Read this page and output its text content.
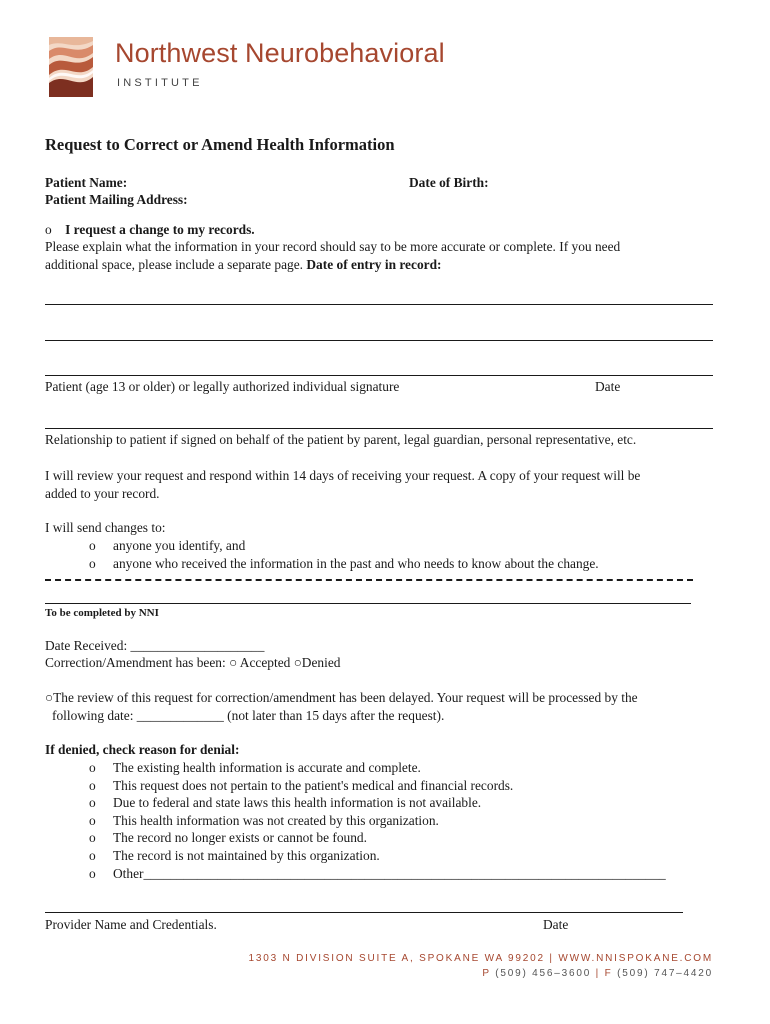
Northwest Neurobehavioral
INSTITUTE
Request to Correct or Amend Health Information
Patient Name:	Date of Birth:
Patient Mailing Address:
o I request a change to my records.
Please explain what the information in your record should say to be more accurate or complete. If you need
additional space, please include a separate page. Date of entry in record:
Patient (age 13 or older) or legally authorized individual signature	Date
Relationship to patient if signed on behalf of the patient by parent, legal guardian, personal representative, etc.
I will review your request and respond within 14 days of receiving your request. A copy of your request will be
added to your record.
I will send changes to:
o anyone you identify, and
o anyone who received the information in the past and who needs to know about the change.
To be completed by NNI
Date Received: ____________________
Correction/Amendment has been: ○ Accepted ○Denied
○The review of this request for correction/amendment has been delayed. Your request will be processed by the
following date: _____________ (not later than 15 days after the request).
If denied, check reason for denial:
o The existing health information is accurate and complete.
o This request does not pertain to the patient's medical and financial records.
o Due to federal and state laws this health information is not available.
o This health information was not created by this organization.
o The record no longer exists or cannot be found.
o The record is not maintained by this organization.
o Other______________________________________________________________________________
Provider Name and Credentials.	Date
1303 N DIVISION SUITE A, SPOKANE WA 99202 | WWW.NNISPOKANE.COM
P (509) 456–3600 | F (509) 747–4420
